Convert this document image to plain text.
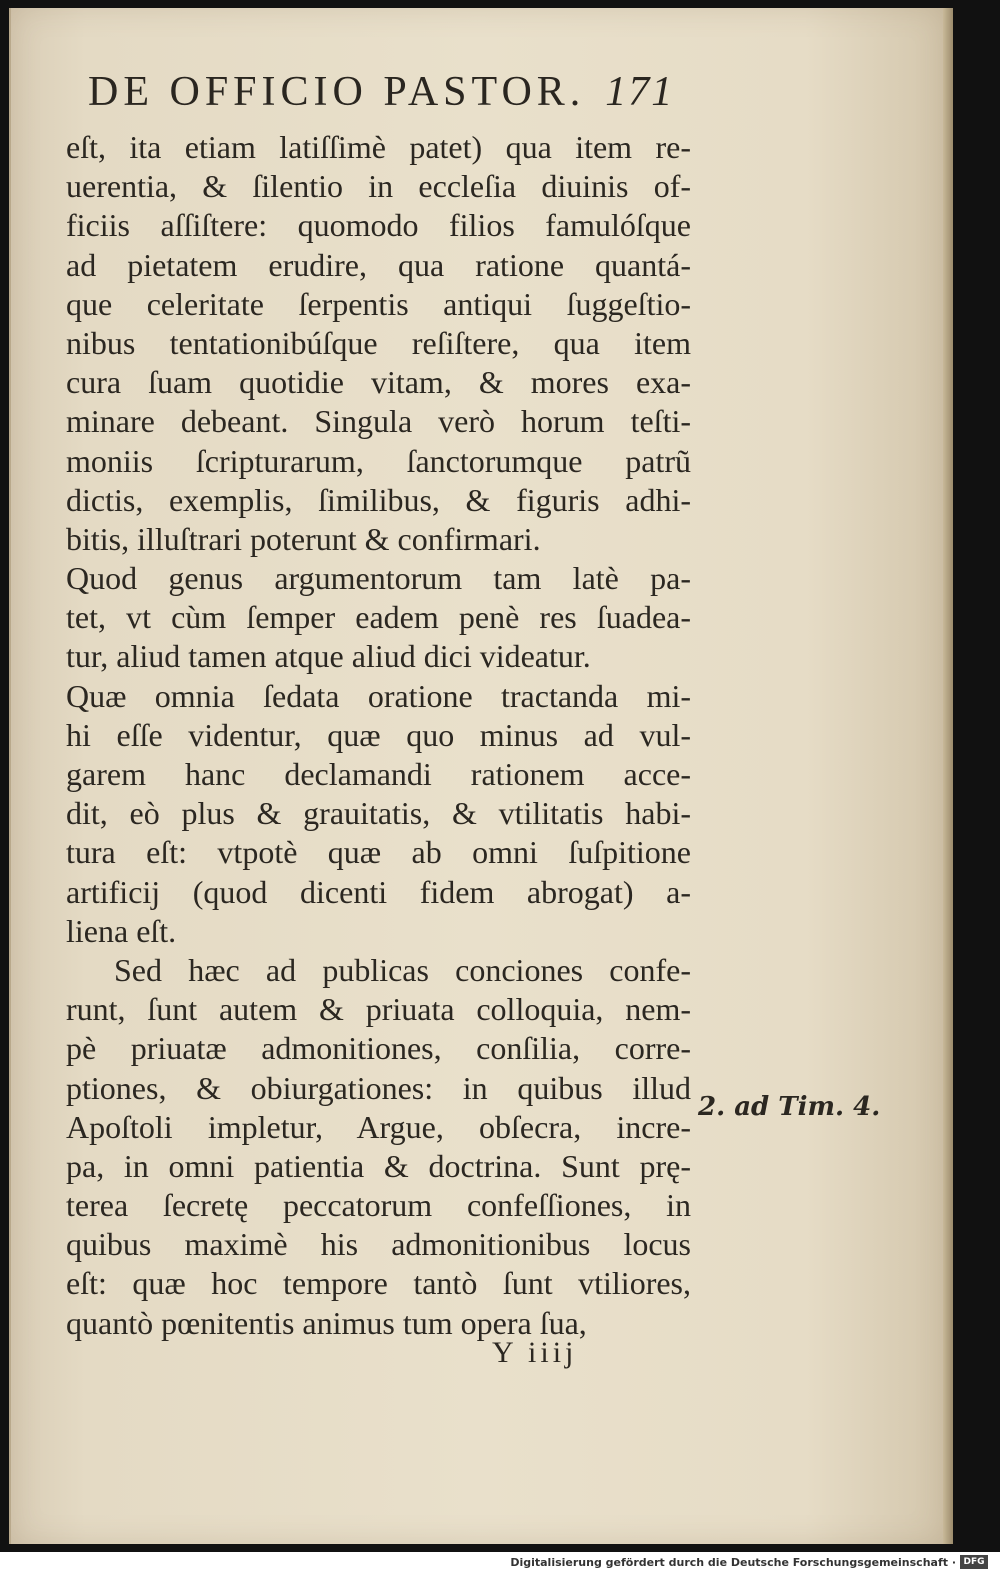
DE OFFICIO PASTOR. 171
eſt, ita etiam latiſſimè patet) qua item re-
uerentia, & ſilentio in eccleſia diuinis of-
ficiis aſſiſtere: quomodo filios famulóſque
ad pietatem erudire, qua ratione quantá-
que celeritate ſerpentis antiqui ſuggeſtio-
nibus tentationibúſque reſiſtere, qua item
cura ſuam quotidie vitam, & mores exa-
minare debeant. Singula verò horum teſti-
moniis ſcripturarum, ſanctorumque patrũ
dictis, exemplis, ſimilibus, & figuris adhi-
bitis, illuſtrari poterunt & confirmari.
Quod genus argumentorum tam latè pa-
tet, vt cùm ſemper eadem penè res ſuadea-
tur, aliud tamen atque aliud dici videatur.
Quæ omnia ſedata oratione tractanda mi-
hi eſſe videntur, quæ quo minus ad vul-
garem hanc declamandi rationem acce-
dit, eò plus & grauitatis, & vtilitatis habi-
tura eſt: vtpotè quæ ab omni ſuſpitione
artificij (quod dicenti fidem abrogat) a-
liena eſt.
Sed hæc ad publicas conciones confe-
runt, ſunt autem & priuata colloquia, nem-
pè priuatæ admonitiones, conſilia, corre-
ptiones, & obiurgationes: in quibus illud
Apoſtoli impletur, Argue, obſecra, incre-
pa, in omni patientia & doctrina. Sunt prę-
terea ſecretę peccatorum confeſſiones, in
quibus maximè his admonitionibus locus
eſt: quæ hoc tempore tantò ſunt vtiliores,
quantò pœnitentis animus tum opera ſua,
2. ad Tim. 4.
Y iiij
Digitalisierung gefördert durch die Deutsche Forschungsgemeinschaft · DFG
